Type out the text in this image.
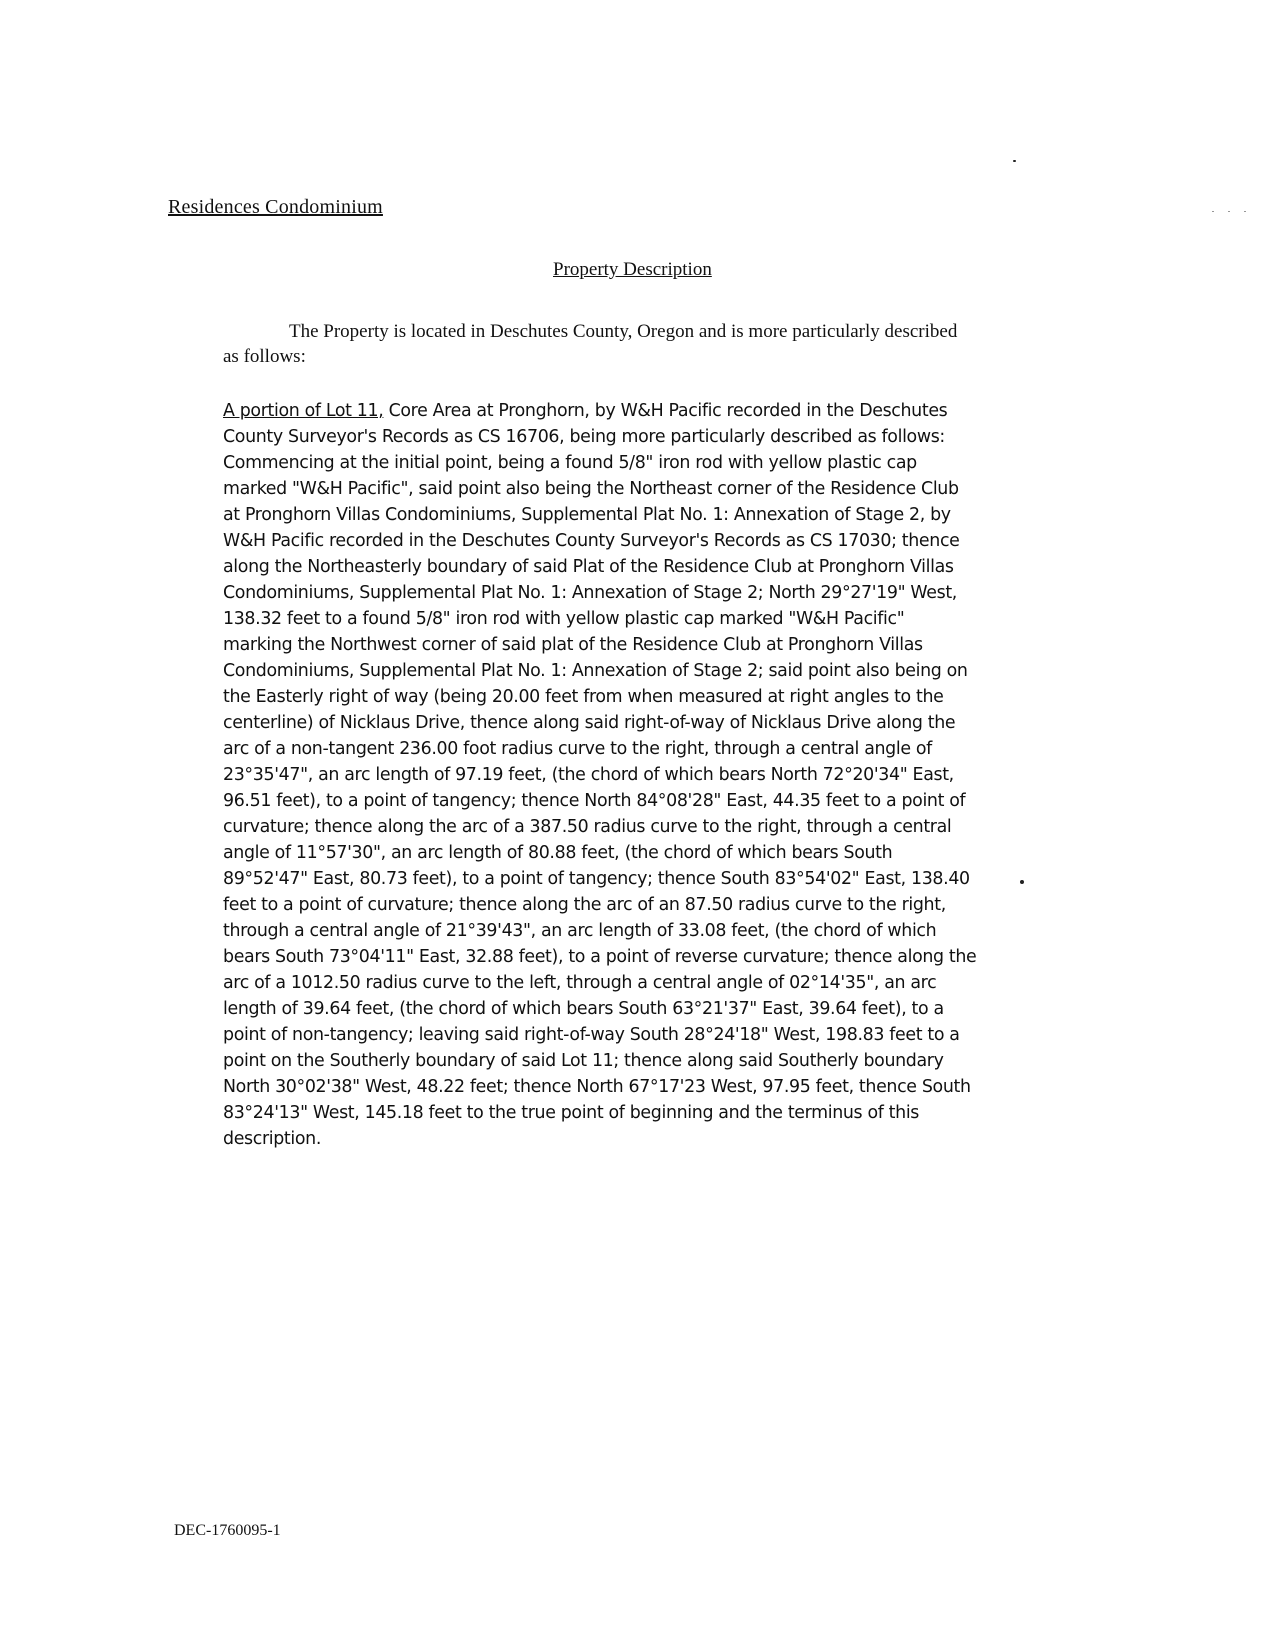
Residences Condominium
Property Description
The Property is located in Deschutes County, Oregon and is more particularly described
as follows:
A portion of Lot 11, Core Area at Pronghorn, by W&H Pacific recorded in the Deschutes
County Surveyor's Records as CS 16706, being more particularly described as follows:
Commencing at the initial point, being a found 5/8" iron rod with yellow plastic cap
marked "W&H Pacific", said point also being the Northeast corner of the Residence Club
at Pronghorn Villas Condominiums, Supplemental Plat No. 1: Annexation of Stage 2, by
W&H Pacific recorded in the Deschutes County Surveyor's Records as CS 17030; thence
along the Northeasterly boundary of said Plat of the Residence Club at Pronghorn Villas
Condominiums, Supplemental Plat No. 1: Annexation of Stage 2; North 29°27'19" West,
138.32 feet to a found 5/8" iron rod with yellow plastic cap marked "W&H Pacific"
marking the Northwest corner of said plat of the Residence Club at Pronghorn Villas
Condominiums, Supplemental Plat No. 1: Annexation of Stage 2; said point also being on
the Easterly right of way (being 20.00 feet from when measured at right angles to the
centerline) of Nicklaus Drive, thence along said right-of-way of Nicklaus Drive along the
arc of a non-tangent 236.00 foot radius curve to the right, through a central angle of
23°35'47", an arc length of 97.19 feet, (the chord of which bears North 72°20'34" East,
96.51 feet), to a point of tangency; thence North 84°08'28" East, 44.35 feet to a point of
curvature; thence along the arc of a 387.50 radius curve to the right, through a central
angle of 11°57'30", an arc length of 80.88 feet, (the chord of which bears South
89°52'47" East, 80.73 feet), to a point of tangency; thence South 83°54'02" East, 138.40
feet to a point of curvature; thence along the arc of an 87.50 radius curve to the right,
through a central angle of 21°39'43", an arc length of 33.08 feet, (the chord of which
bears South 73°04'11" East, 32.88 feet), to a point of reverse curvature; thence along the
arc of a 1012.50 radius curve to the left, through a central angle of 02°14'35", an arc
length of 39.64 feet, (the chord of which bears South 63°21'37" East, 39.64 feet), to a
point of non-tangency; leaving said right-of-way South 28°24'18" West, 198.83 feet to a
point on the Southerly boundary of said Lot 11; thence along said Southerly boundary
North 30°02'38" West, 48.22 feet; thence North 67°17'23 West, 97.95 feet, thence South
83°24'13" West, 145.18 feet to the true point of beginning and the terminus of this
description.
DEC-1760095-1
